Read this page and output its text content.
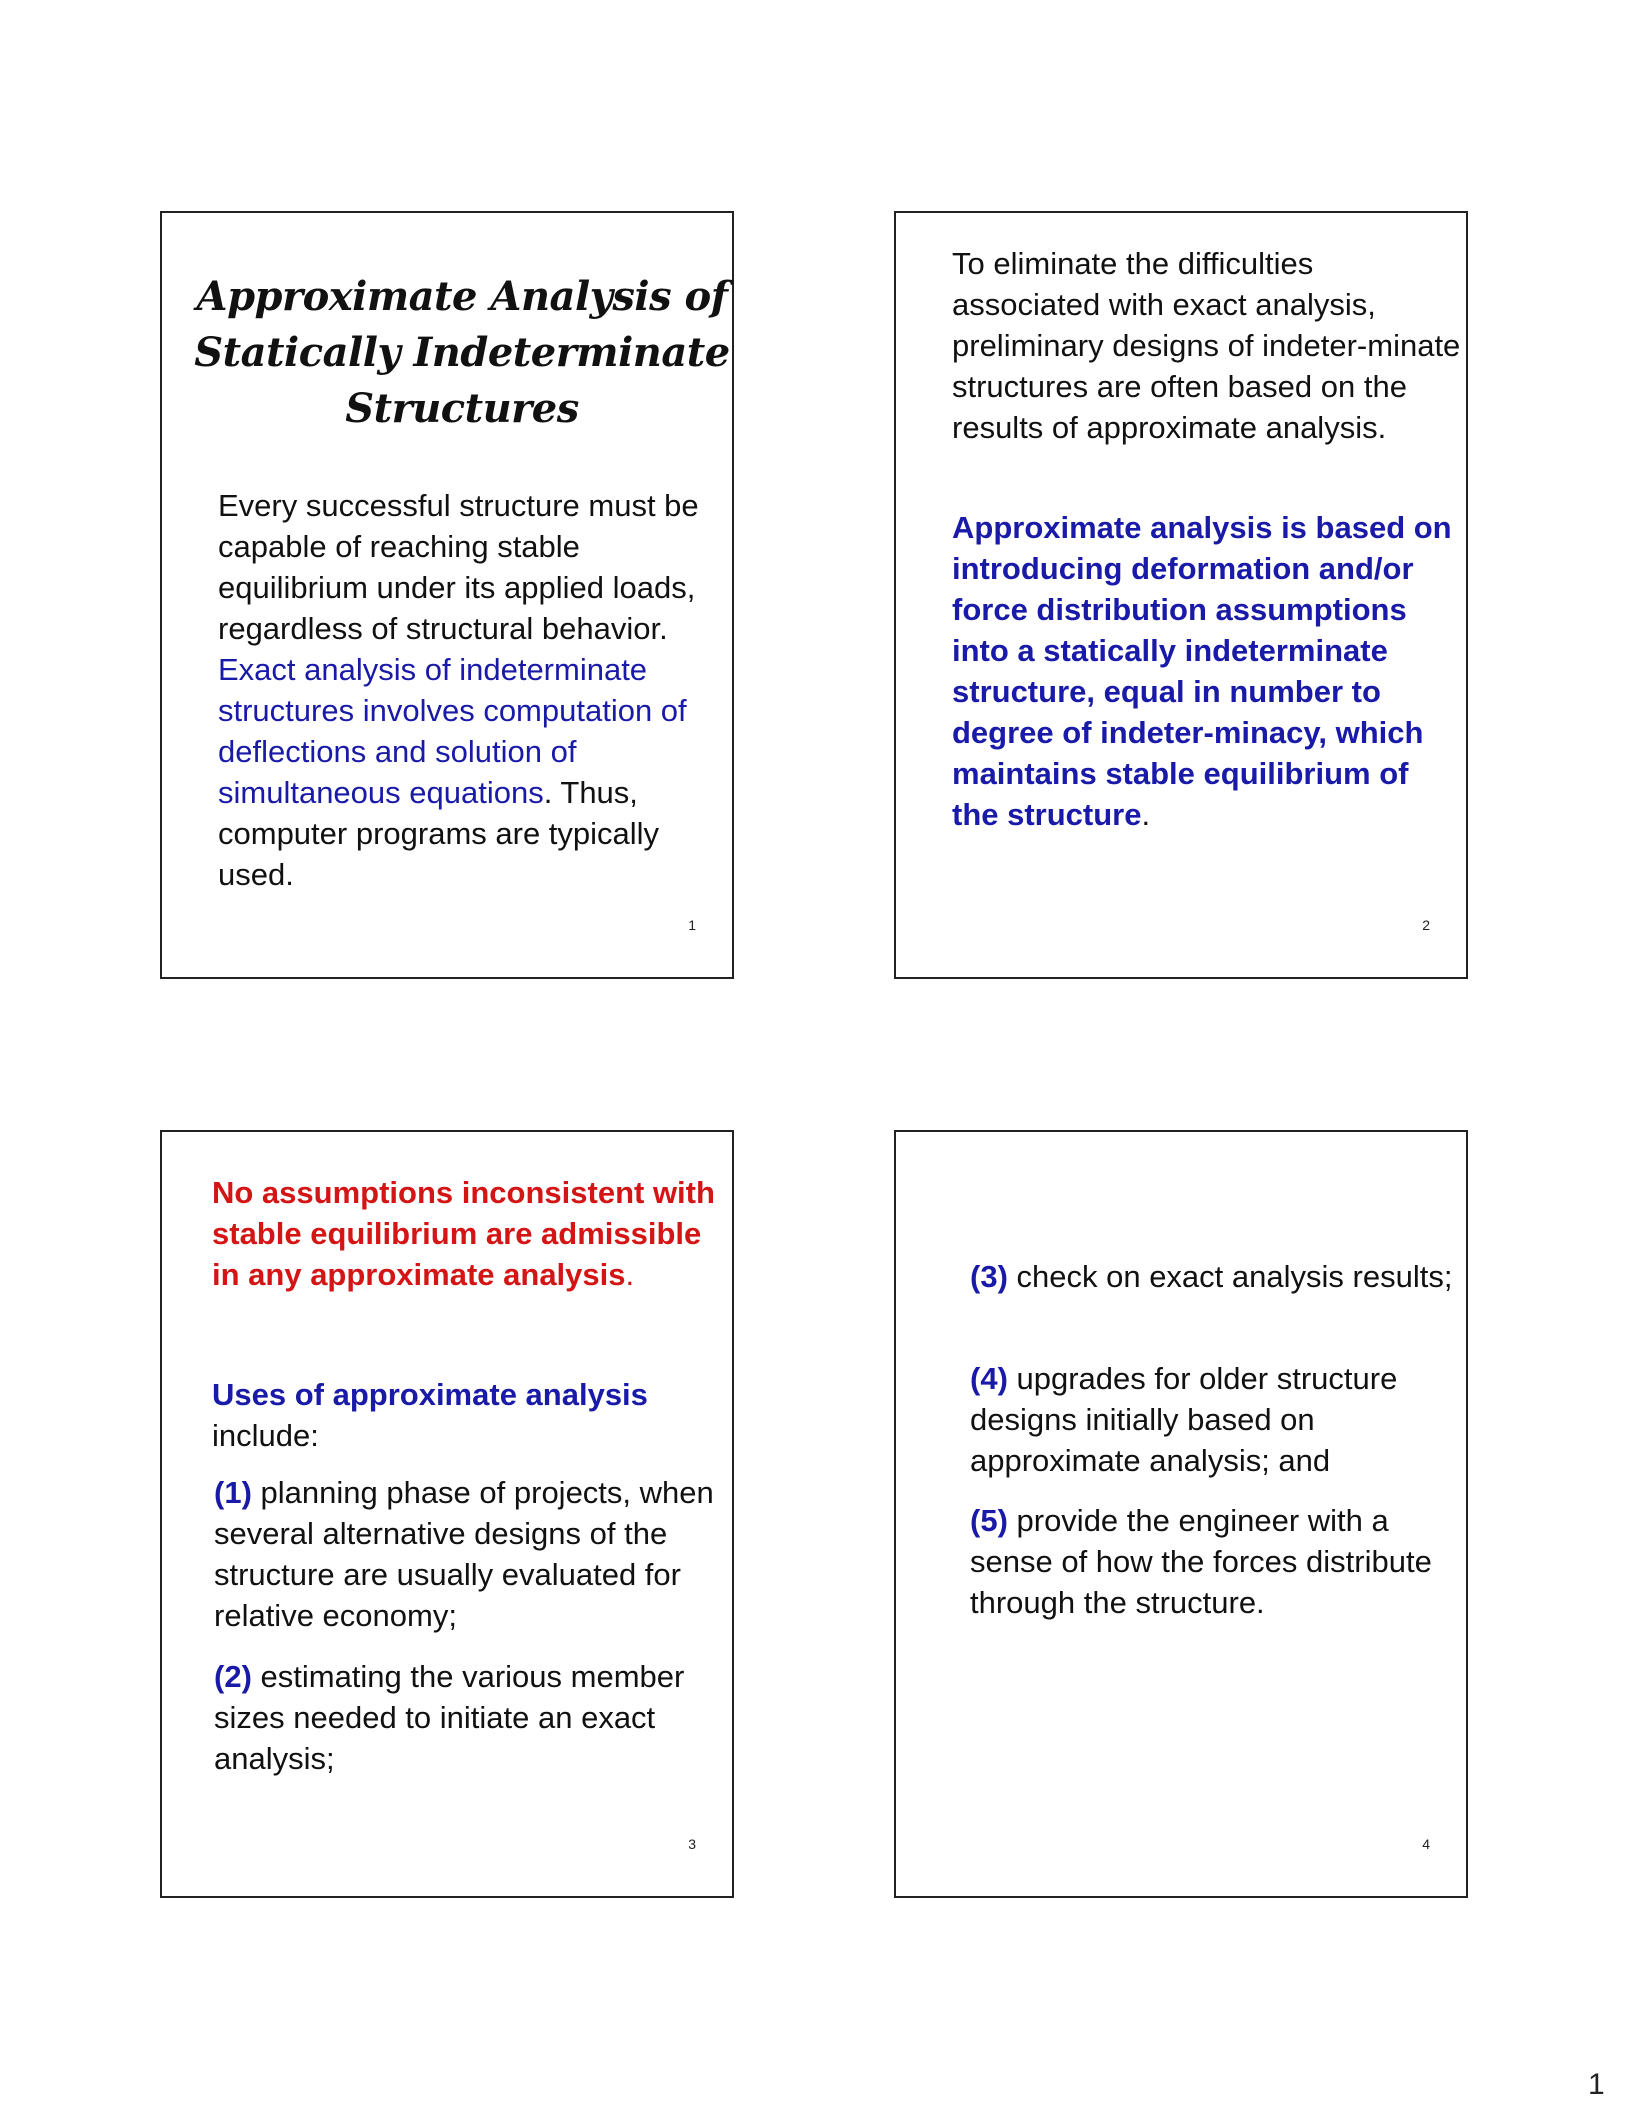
Approximate Analysis of
Statically Indeterminate
Structures
Every successful structure must be capable of reaching stable equilibrium under its applied loads, regardless of structural behavior. Exact analysis of indeterminate structures involves computation of deflections and solution of simultaneous equations. Thus, computer programs are typically used.
1
To eliminate the difficulties associated with exact analysis, preliminary designs of indeter-minate structures are often based on the results of approximate analysis.
Approximate analysis is based on introducing deformation and/or force distribution assumptions into a statically indeterminate structure, equal in number to degree of indeter-minacy, which maintains stable equilibrium of the structure.
2
No assumptions inconsistent with stable equilibrium are admissible in any approximate analysis.
Uses of approximate analysis
include:
(1) planning phase of projects, when several alternative designs of the structure are usually evaluated for relative economy;
(2) estimating the various member sizes needed to initiate an exact analysis;
3
(3) check on exact analysis results;
(4) upgrades for older structure designs initially based on approximate analysis; and
(5) provide the engineer with a sense of how the forces distribute through the structure.
4
1
